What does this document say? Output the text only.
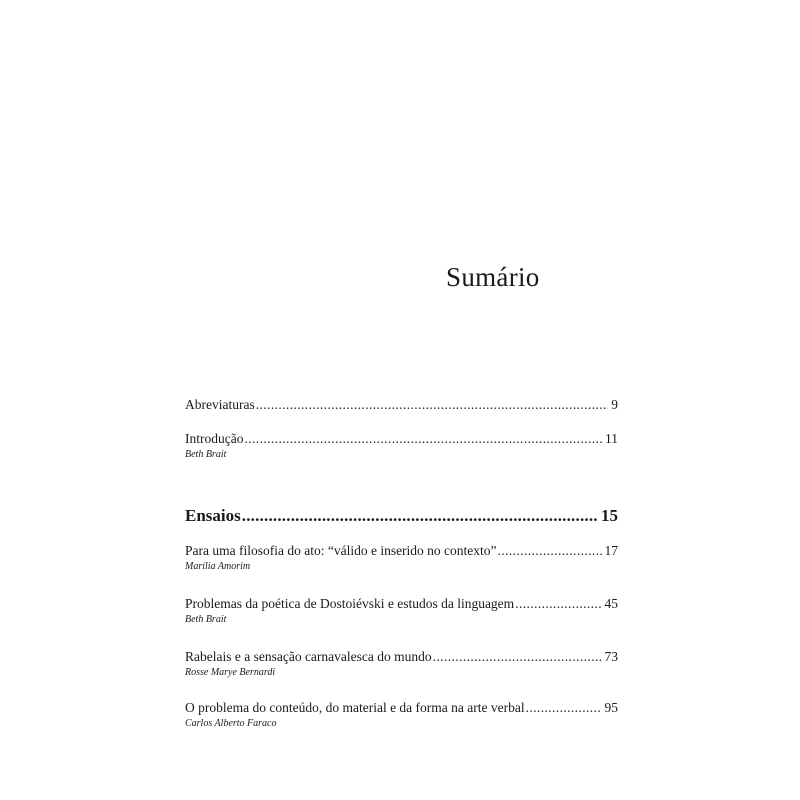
Sumário
Abreviaturas .....	9
Introdução .....	11
Beth Brait
Ensaios .....	15
Para uma filosofia do ato: “válido e inserido no contexto” .....	17
Marília Amorim
Problemas da poética de Dostoiévski e estudos da linguagem .....	45
Beth Brait
Rabelais e a sensação carnavalesca do mundo .....	73
Rosse Marye Bernardi
O problema do conteúdo, do material e da forma na arte verbal .....	95
Carlos Alberto Faraco
